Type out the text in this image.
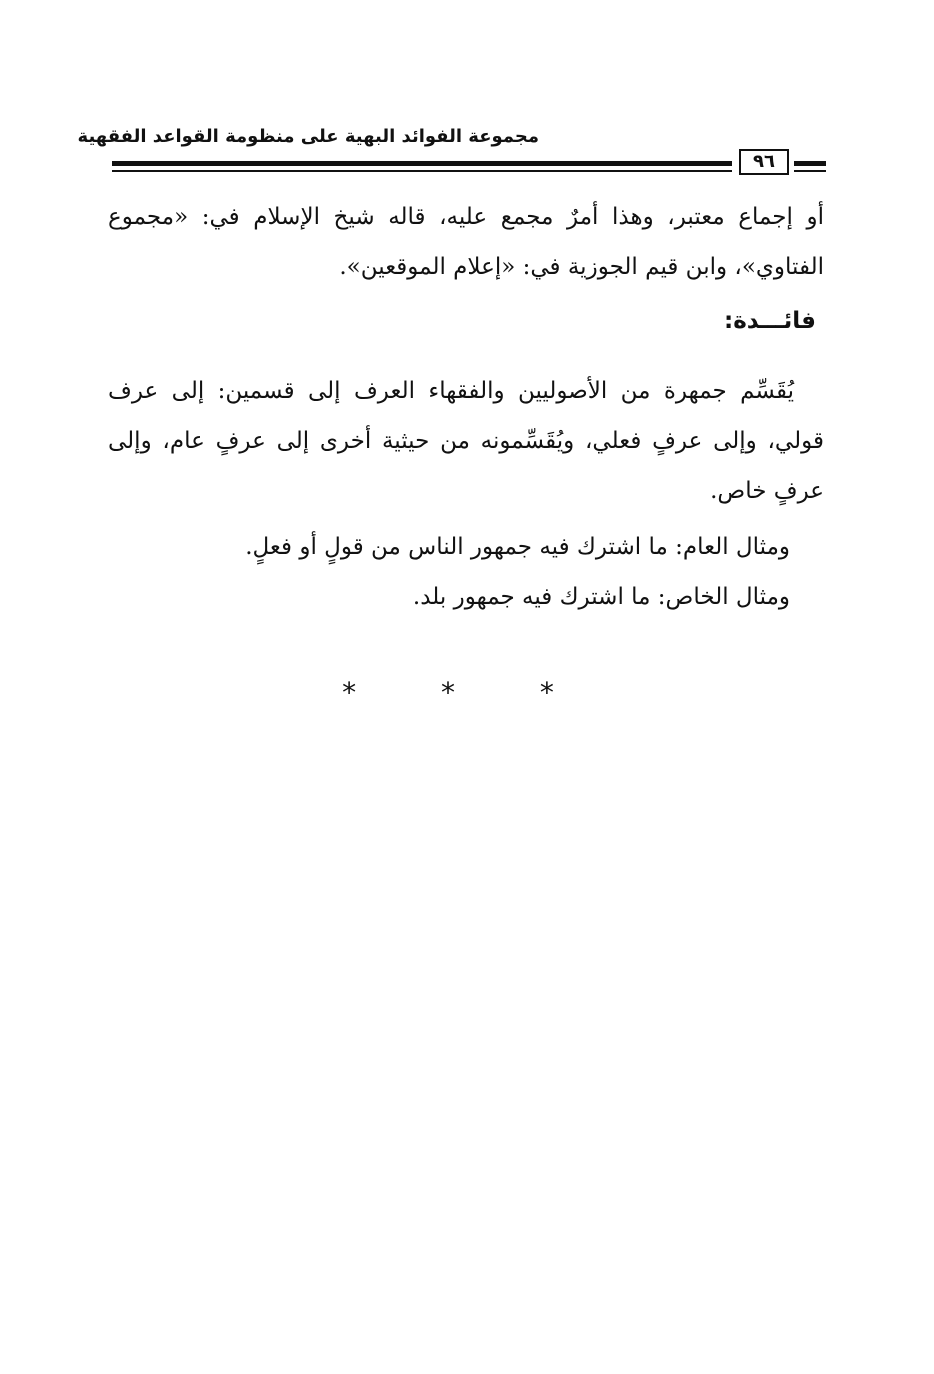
مجموعة الفوائد البهية على منظومة القواعد الفقهية
٩٦
أو إجماع معتبر، وهذا أمرٌ مجمع عليه، قاله شيخ الإسلام في: «مجموع الفتاوي»، وابن قيم الجوزية في: «إعلام الموقعين».
فائـــدة:
يُقَسِّم جمهرة من الأصوليين والفقهاء العرف إلى قسمين: إلى عرف قولي، وإلى عرفٍ فعلي، ويُقَسِّمونه من حيثية أخرى إلى عرفٍ عام، وإلى عرفٍ خاص.
ومثال العام: ما اشترك فيه جمهور الناس من قولٍ أو فعلٍ.
ومثال الخاص: ما اشترك فيه جمهور بلد.
* * *
